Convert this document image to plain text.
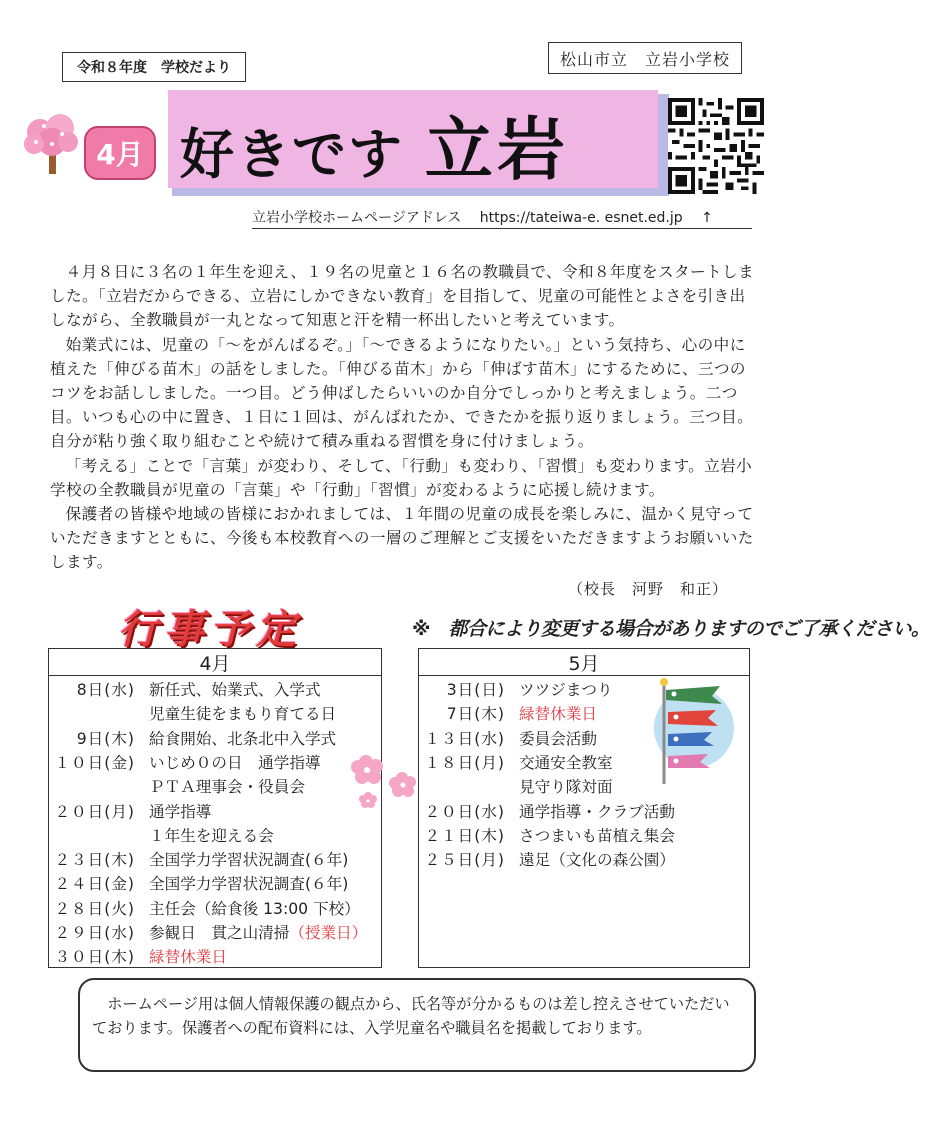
令和８年度　学校だより	松山市立　立岩小学校
4月 好きです 立岩
立岩小学校ホームページアドレス https://tateiwa-e. esnet.ed.jp ↑

４月８日に３名の１年生を迎え、１９名の児童と１６名の教職員で、令和８年度をスタートしました。「立岩だからできる、立岩にしかできない教育」を目指して、児童の可能性とよさを引き出しながら、全教職員が一丸となって知恵と汗を精一杯出したいと考えています。

始業式には、児童の「～をがんばるぞ。」「～できるようになりたい。」という気持ち、心の中に植えた「伸びる苗木」の話をしました。「伸びる苗木」から「伸ばす苗木」にするために、三つのコツをお話ししました。一つ目。どう伸ばしたらいいのか自分でしっかりと考えましょう。二つ目。いつも心の中に置き、１日に１回は、がんばれたか、できたかを振り返りましょう。三つ目。自分が粘り強く取り組むことや続けて積み重ねる習慣を身に付けましょう。

「考える」ことで「言葉」が変わり、そして、「行動」も変わり、「習慣」も変わります。立岩小学校の全教職員が児童の「言葉」や「行動」「習慣」が変わるように応援し続けます。

保護者の皆様や地域の皆様におかれましては、１年間の児童の成長を楽しみに、温かく見守っていただきますとともに、今後も本校教育への一層のご理解とご支援をいただきますようお願いいたします。

（校長　河野　和正）
行事予定	※　都合により変更する場合がありますのでご了承ください。
4月
8日(水) 新任式、始業式、入学式
児童生徒をまもり育てる日
9日(木) 給食開始、北条北中入学式
１０日(金) いじめ０の日　通学指導
ＰＴＡ理事会・役員会
２０日(月) 通学指導
１年生を迎える会
２３日(木) 全国学力学習状況調査(６年)
２４日(金) 全国学力学習状況調査(６年)
２８日(火) 主任会（給食後 13:00 下校）
２９日(水) 参観日　貫之山清掃 （授業日）
３０日(木) 緑替休業日
5月
3日(日) ツツジまつり
7日(木) 緑替休業日
１３日(水) 委員会活動
１８日(月) 交通安全教室
見守り隊対面
２０日(水) 通学指導・クラブ活動
２１日(木) さつまいも苗植え集会
２５日(月) 遠足（文化の森公園）

ホームページ用は個人情報保護の観点から、氏名等が分かるものは差し控えさせていただいております。保護者への配布資料には、入学児童名や職員名を掲載しております。
